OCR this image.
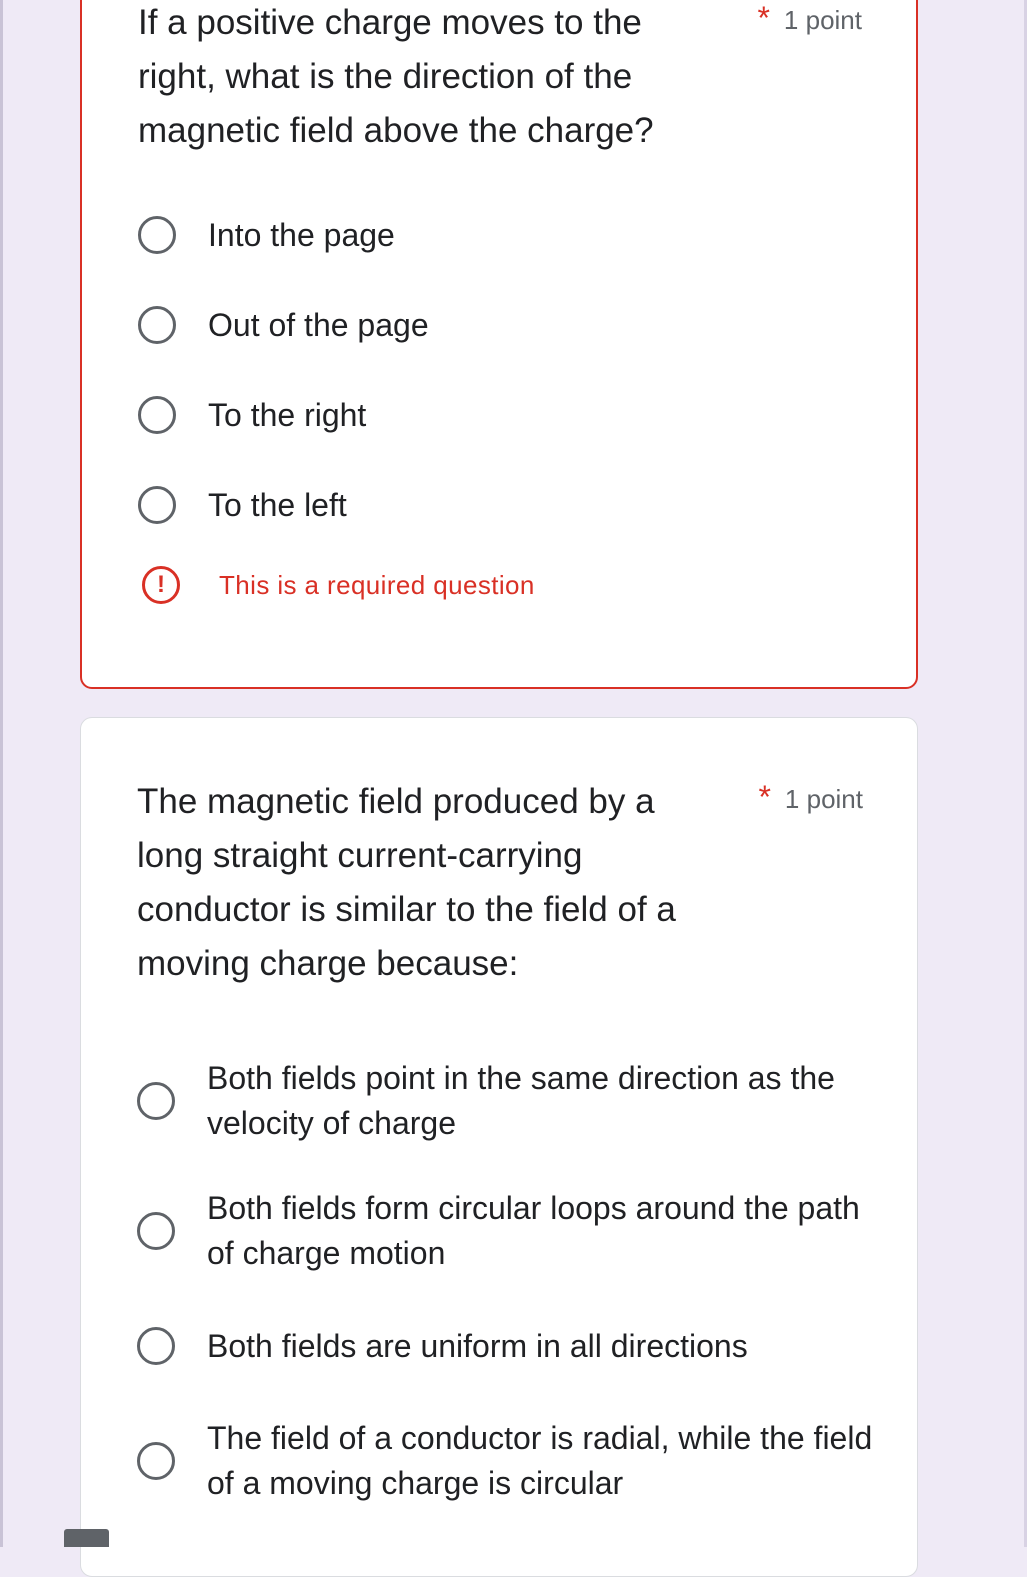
If a positive charge moves to the right, what is the direction of the magnetic field above the charge?
* 1 point
Into the page
Out of the page
To the right
To the left
!	This is a required question
The magnetic field produced by a long straight current-carrying conductor is similar to the field of a moving charge because:
* 1 point
Both fields point in the same direction as the velocity of charge
Both fields form circular loops around the path of charge motion
Both fields are uniform in all directions
The field of a conductor is radial, while the field of a moving charge is circular
